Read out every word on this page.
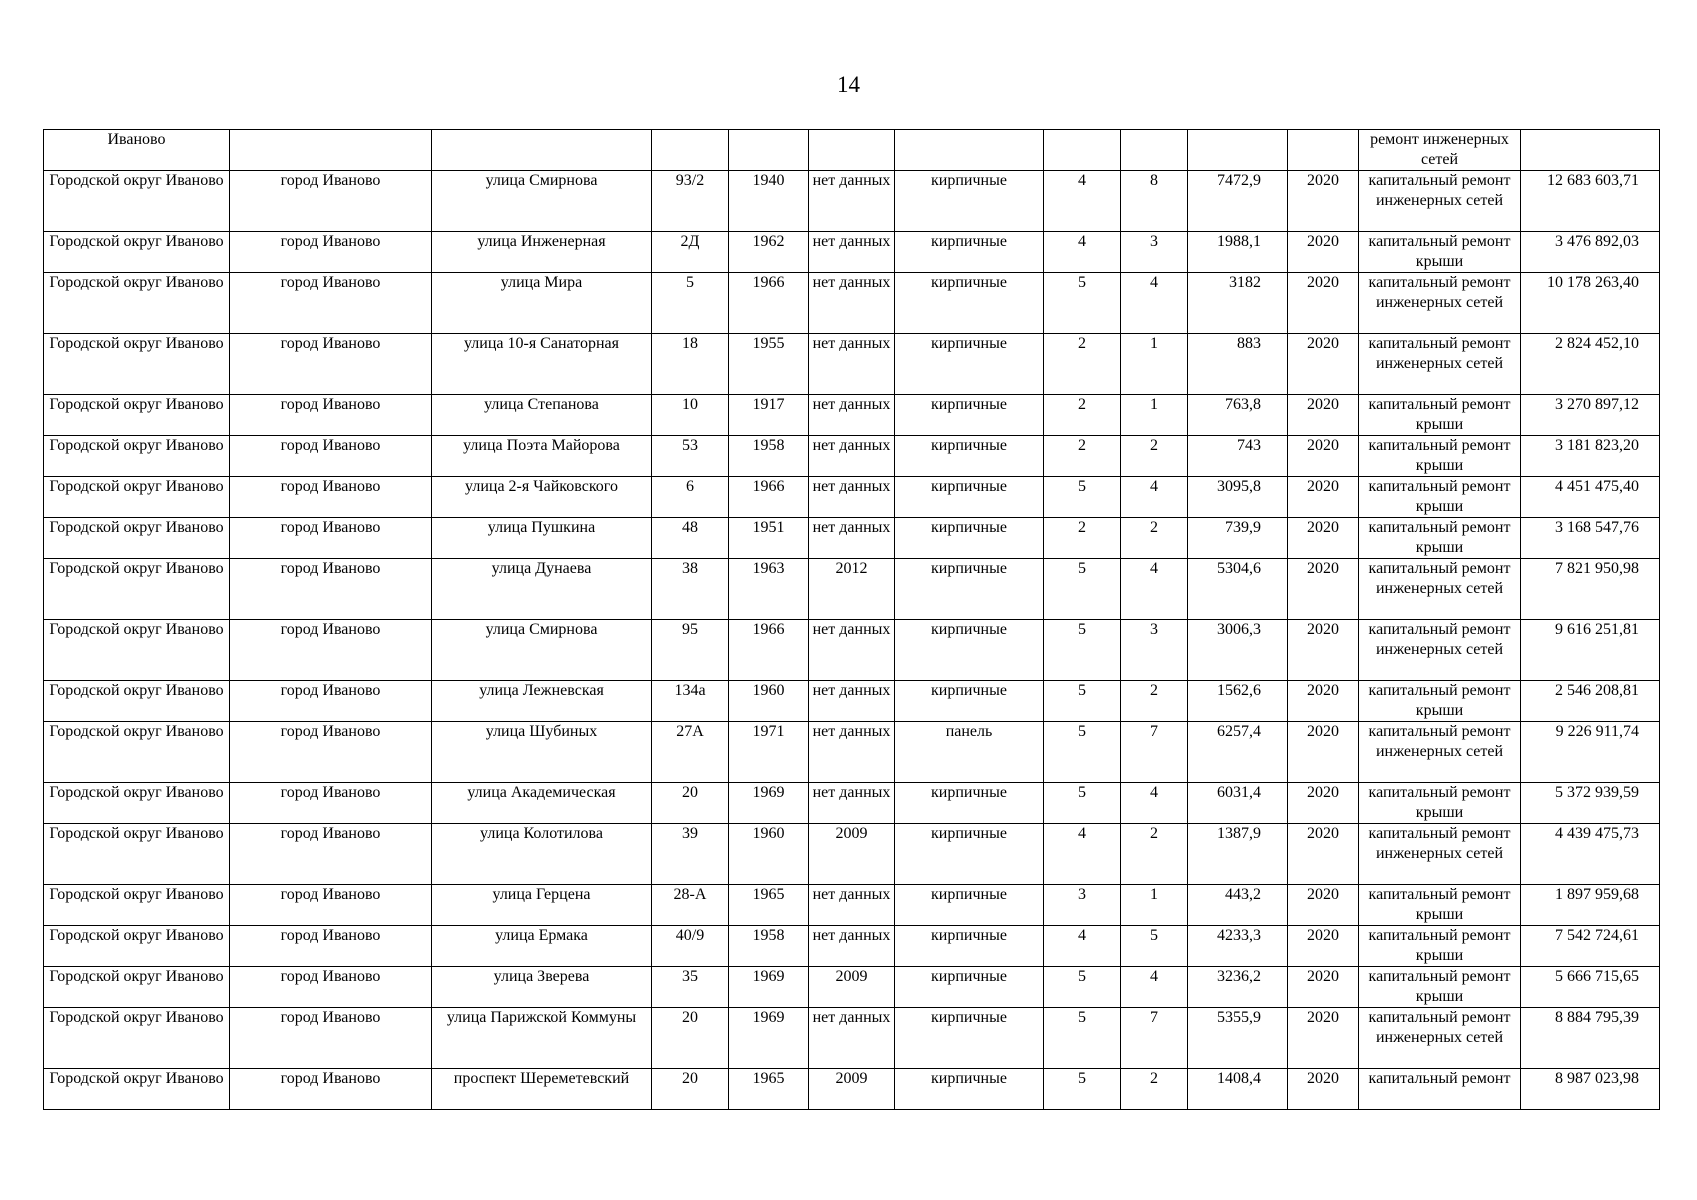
14
Иваново											ремонт инженерных сетей	
Городской округ Иваново	город Иваново	улица Смирнова	93/2	1940	нет данных	кирпичные	4	8	7472,9	2020	капитальный ремонт инженерных сетей	12 683 603,71
Городской округ Иваново	город Иваново	улица Инженерная	2Д	1962	нет данных	кирпичные	4	3	1988,1	2020	капитальный ремонт крыши	3 476 892,03
Городской округ Иваново	город Иваново	улица Мира	5	1966	нет данных	кирпичные	5	4	3182	2020	капитальный ремонт инженерных сетей	10 178 263,40
Городской округ Иваново	город Иваново	улица 10-я Санаторная	18	1955	нет данных	кирпичные	2	1	883	2020	капитальный ремонт инженерных сетей	2 824 452,10
Городской округ Иваново	город Иваново	улица Степанова	10	1917	нет данных	кирпичные	2	1	763,8	2020	капитальный ремонт крыши	3 270 897,12
Городской округ Иваново	город Иваново	улица Поэта Майорова	53	1958	нет данных	кирпичные	2	2	743	2020	капитальный ремонт крыши	3 181 823,20
Городской округ Иваново	город Иваново	улица 2-я Чайковского	6	1966	нет данных	кирпичные	5	4	3095,8	2020	капитальный ремонт крыши	4 451 475,40
Городской округ Иваново	город Иваново	улица Пушкина	48	1951	нет данных	кирпичные	2	2	739,9	2020	капитальный ремонт крыши	3 168 547,76
Городской округ Иваново	город Иваново	улица Дунаева	38	1963	2012	кирпичные	5	4	5304,6	2020	капитальный ремонт инженерных сетей	7 821 950,98
Городской округ Иваново	город Иваново	улица Смирнова	95	1966	нет данных	кирпичные	5	3	3006,3	2020	капитальный ремонт инженерных сетей	9 616 251,81
Городской округ Иваново	город Иваново	улица Лежневская	134а	1960	нет данных	кирпичные	5	2	1562,6	2020	капитальный ремонт крыши	2 546 208,81
Городской округ Иваново	город Иваново	улица Шубиных	27А	1971	нет данных	панель	5	7	6257,4	2020	капитальный ремонт инженерных сетей	9 226 911,74
Городской округ Иваново	город Иваново	улица Академическая	20	1969	нет данных	кирпичные	5	4	6031,4	2020	капитальный ремонт крыши	5 372 939,59
Городской округ Иваново	город Иваново	улица Колотилова	39	1960	2009	кирпичные	4	2	1387,9	2020	капитальный ремонт инженерных сетей	4 439 475,73
Городской округ Иваново	город Иваново	улица Герцена	28-А	1965	нет данных	кирпичные	3	1	443,2	2020	капитальный ремонт крыши	1 897 959,68
Городской округ Иваново	город Иваново	улица Ермака	40/9	1958	нет данных	кирпичные	4	5	4233,3	2020	капитальный ремонт крыши	7 542 724,61
Городской округ Иваново	город Иваново	улица Зверева	35	1969	2009	кирпичные	5	4	3236,2	2020	капитальный ремонт крыши	5 666 715,65
Городской округ Иваново	город Иваново	улица Парижской Коммуны	20	1969	нет данных	кирпичные	5	7	5355,9	2020	капитальный ремонт инженерных сетей	8 884 795,39
Городской округ Иваново	город Иваново	проспект Шереметевский	20	1965	2009	кирпичные	5	2	1408,4	2020	капитальный ремонт	8 987 023,98
